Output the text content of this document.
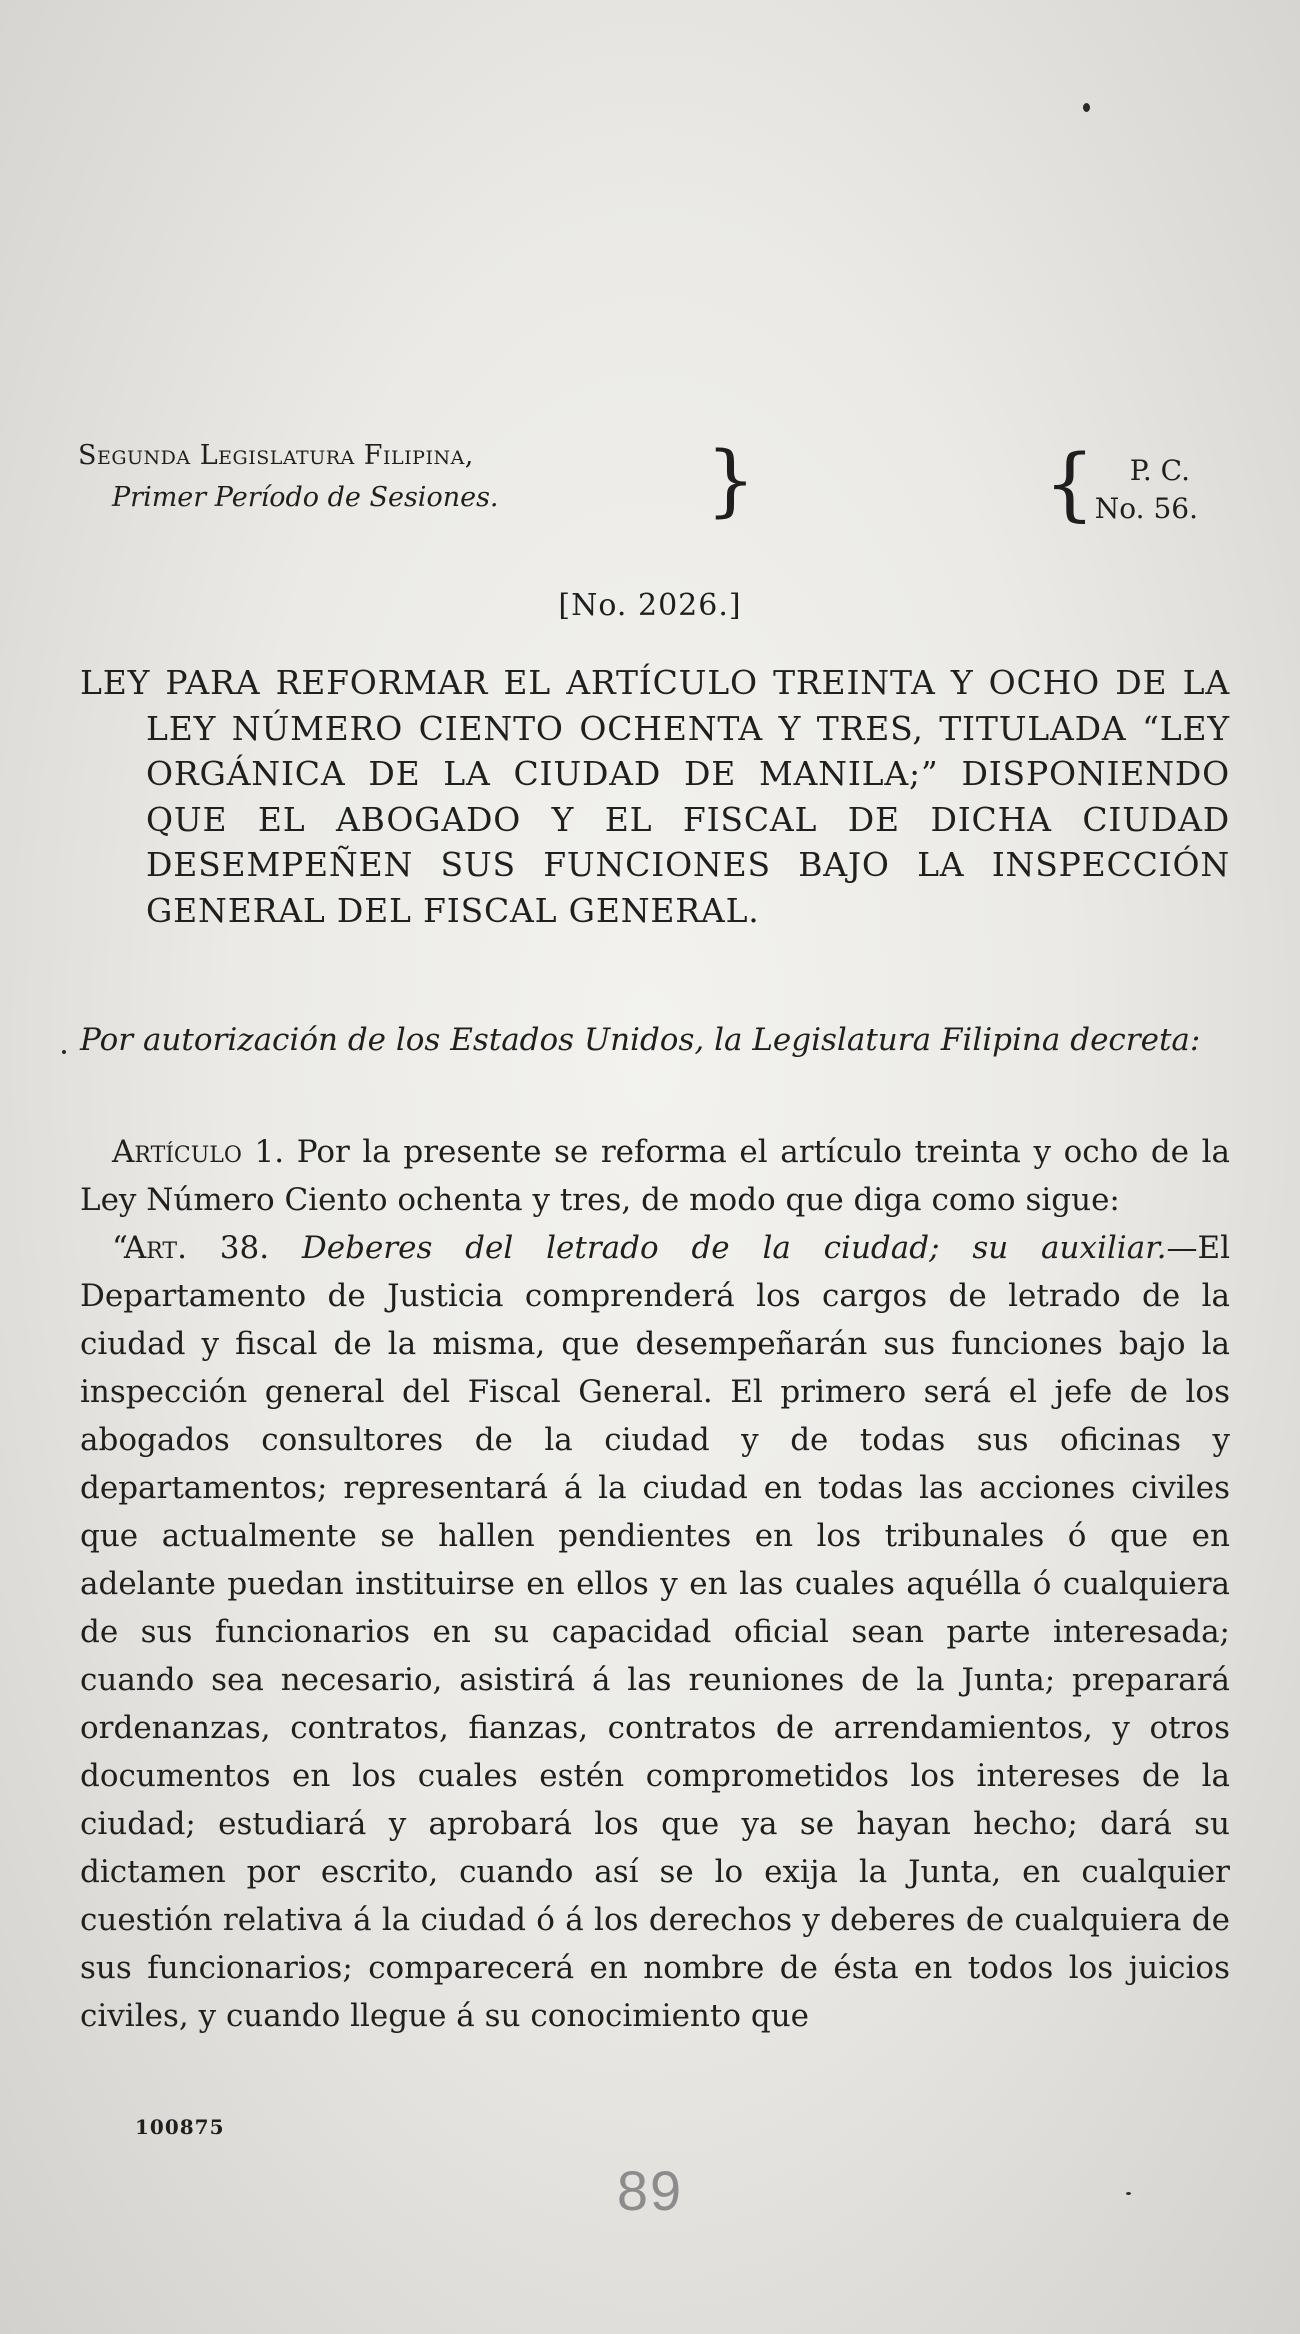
Segunda Legislatura Filipina,
Primer Período de Sesiones.	}	{ P. C.
No. 56.
[No. 2026.]
LEY PARA REFORMAR EL ARTÍCULO TREINTA Y OCHO DE LA LEY NÚMERO CIENTO OCHENTA Y TRES, TITULADA “LEY ORGÁNICA DE LA CIUDAD DE MANILA;” DISPONIENDO QUE EL ABOGADO Y EL FISCAL DE DICHA CIUDAD DESEMPEÑEN SUS FUNCIONES BAJO LA INSPECCIÓN GENERAL DEL FISCAL GENERAL.
Por autorización de los Estados Unidos, la Legislatura Filipina decreta:

Artículo 1. Por la presente se reforma el artículo treinta y ocho de la Ley Número Ciento ochenta y tres, de modo que diga como sigue:

“Art. 38. Deberes del letrado de la ciudad; su auxiliar.—El Departamento de Justicia comprenderá los cargos de letrado de la ciudad y fiscal de la misma, que desempeñarán sus funciones bajo la inspección general del Fiscal General. El primero será el jefe de los abogados consultores de la ciudad y de todas sus oficinas y departamentos; representará á la ciudad en todas las acciones civiles que actualmente se hallen pendientes en los tribunales ó que en adelante puedan instituirse en ellos y en las cuales aquélla ó cualquiera de sus funcionarios en su capacidad oficial sean parte interesada; cuando sea necesario, asistirá á las reuniones de la Junta; preparará ordenanzas, contratos, fianzas, contratos de arrendamientos, y otros documentos en los cuales estén comprometidos los intereses de la ciudad; estudiará y aprobará los que ya se hayan hecho; dará su dictamen por escrito, cuando así se lo exija la Junta, en cualquier cuestión relativa á la ciudad ó á los derechos y deberes de cualquiera de sus funcionarios; comparecerá en nombre de ésta en todos los juicios civiles, y cuando llegue á su conocimiento que

100875
89
